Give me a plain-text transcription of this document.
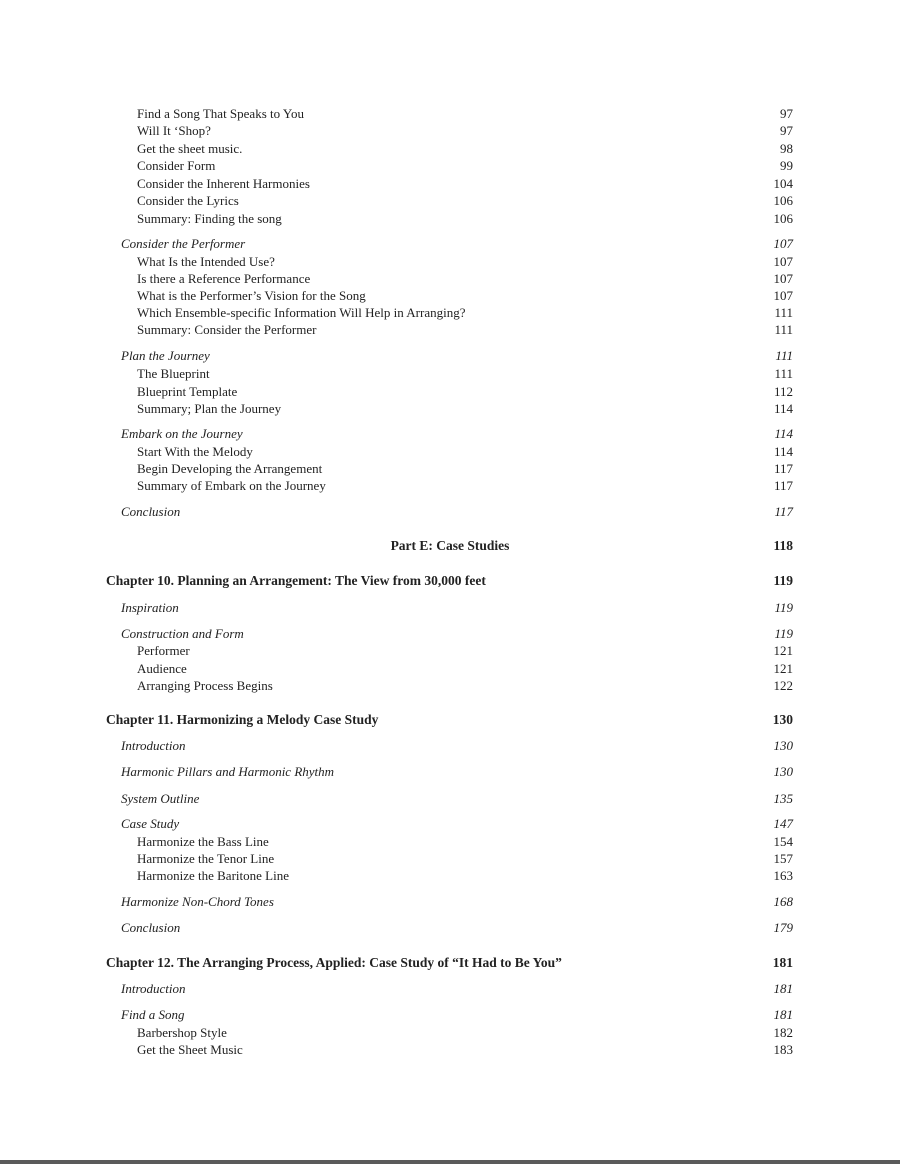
Find a Song That Speaks to You	97
Will It ‘Shop?	97
Get the sheet music.	98
Consider Form	99
Consider the Inherent Harmonies	104
Consider the Lyrics	106
Summary: Finding the song	106
Consider the Performer	107
What Is the Intended Use?	107
Is there a Reference Performance	107
What is the Performer’s Vision for the Song	107
Which Ensemble-specific Information Will Help in Arranging?	111
Summary: Consider the Performer	111
Plan the Journey	111
The Blueprint	111
Blueprint Template	112
Summary; Plan the Journey	114
Embark on the Journey	114
Start With the Melody	114
Begin Developing the Arrangement	117
Summary of Embark on the Journey	117
Conclusion	117
Part E: Case Studies	118
Chapter 10. Planning an Arrangement: The View from 30,000 feet	119
Inspiration	119
Construction and Form	119
Performer	121
Audience	121
Arranging Process Begins	122
Chapter 11. Harmonizing a Melody Case Study	130
Introduction	130
Harmonic Pillars and Harmonic Rhythm	130
System Outline	135
Case Study	147
Harmonize the Bass Line	154
Harmonize the Tenor Line	157
Harmonize the Baritone Line	163
Harmonize Non-Chord Tones	168
Conclusion	179
Chapter 12. The Arranging Process, Applied: Case Study of “It Had to Be You”	181
Introduction	181
Find a Song	181
Barbershop Style	182
Get the Sheet Music	183
